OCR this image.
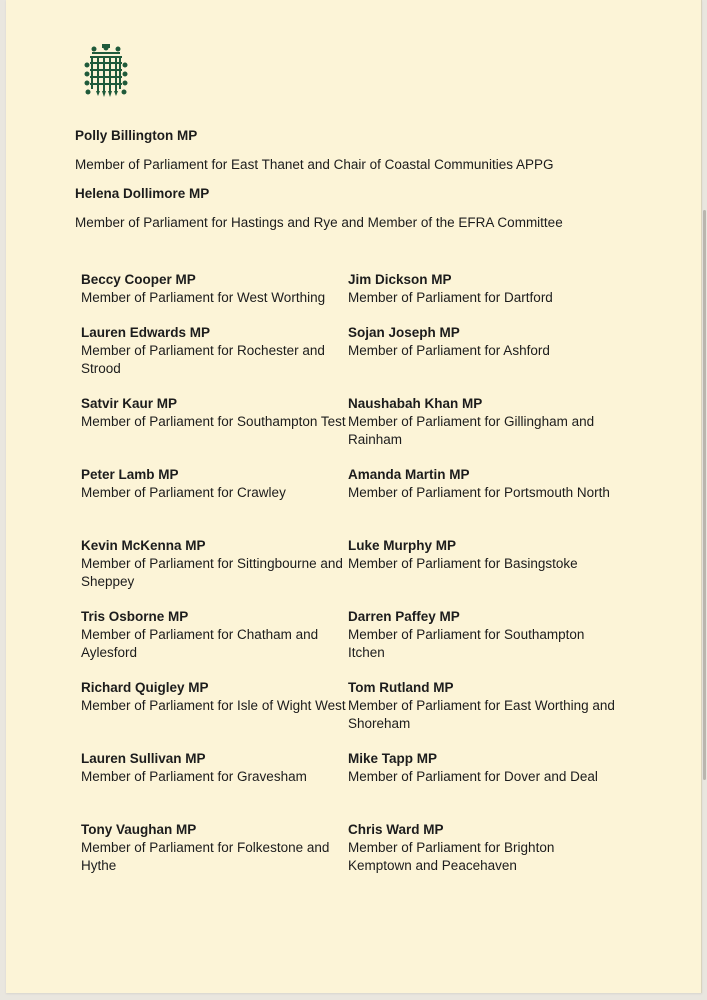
Polly Billington MP
Member of Parliament for East Thanet and Chair of Coastal Communities APPG
Helena Dollimore MP
Member of Parliament for Hastings and Rye and Member of the EFRA Committee
Beccy Cooper MP
Member of Parliament for West Worthing
Jim Dickson MP
Member of Parliament for Dartford
Lauren Edwards MP
Member of Parliament for Rochester and Strood
Sojan Joseph MP
Member of Parliament for Ashford
Satvir Kaur MP
Member of Parliament for Southampton Test
Naushabah Khan MP
Member of Parliament for Gillingham and Rainham
Peter Lamb MP
Member of Parliament for Crawley
Amanda Martin MP
Member of Parliament for Portsmouth North
Kevin McKenna MP
Member of Parliament for Sittingbourne and Sheppey
Luke Murphy MP
Member of Parliament for Basingstoke
Tris Osborne MP
Member of Parliament for Chatham and Aylesford
Darren Paffey MP
Member of Parliament for Southampton Itchen
Richard Quigley MP
Member of Parliament for Isle of Wight West
Tom Rutland MP
Member of Parliament for East Worthing and Shoreham
Lauren Sullivan MP
Member of Parliament for Gravesham
Mike Tapp MP
Member of Parliament for Dover and Deal
Tony Vaughan MP
Member of Parliament for Folkestone and Hythe
Chris Ward MP
Member of Parliament for Brighton Kemptown and Peacehaven
